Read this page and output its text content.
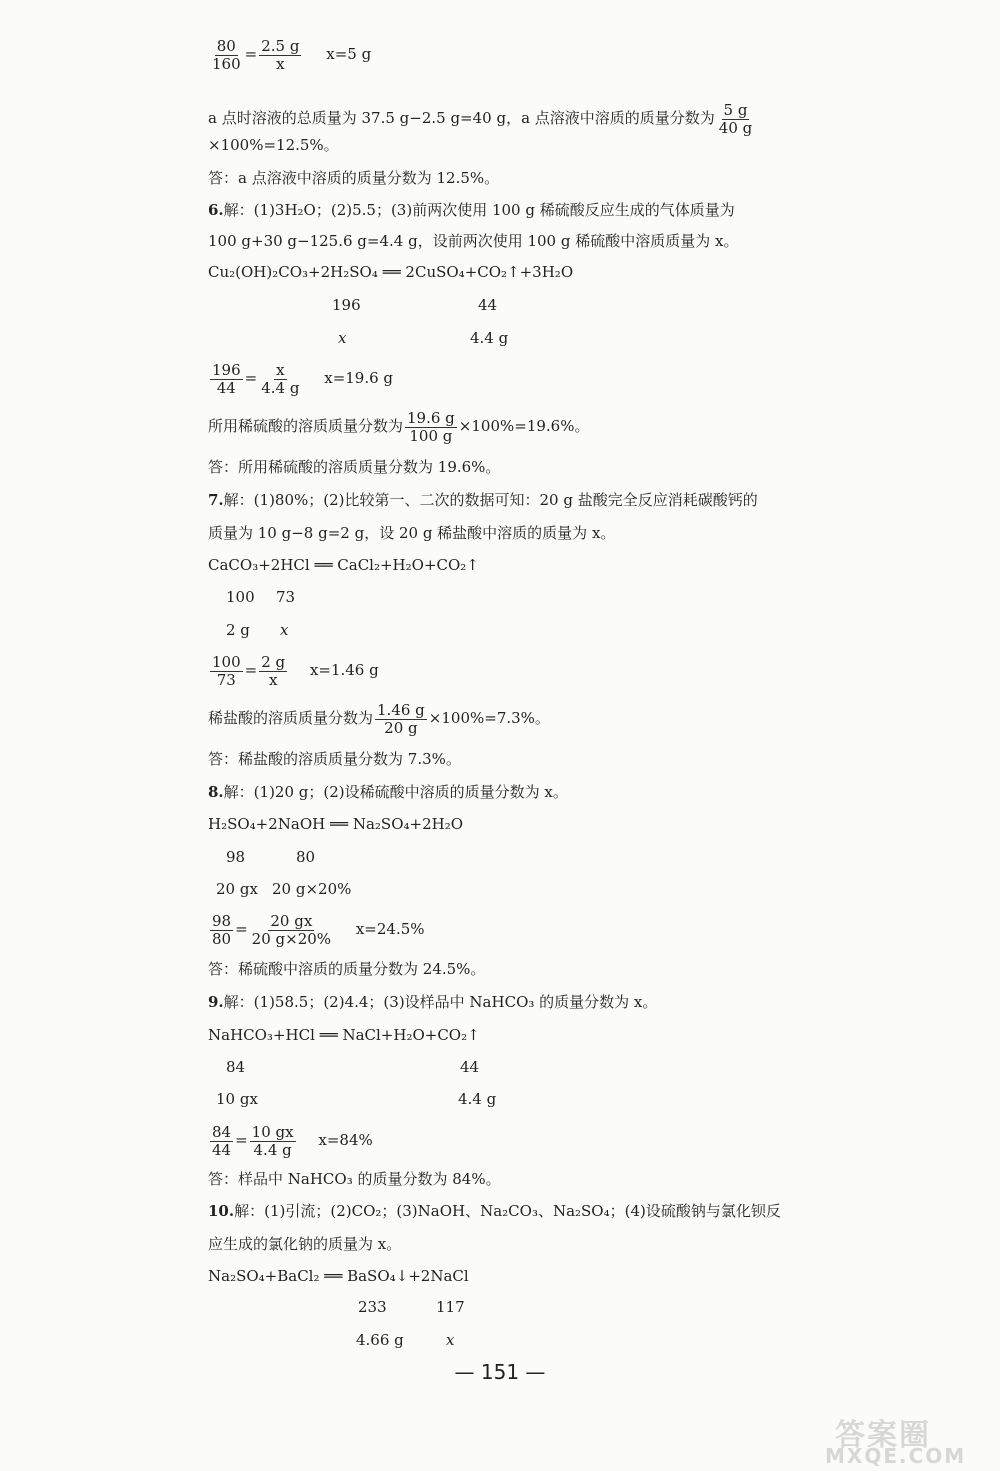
$\frac{80}{160} = \frac{2.5 g}{x} x=5$ g
a 点时溶液的总质量为 37.5 g−2.5 g=40 g，a 点溶液中溶质的质量分数为 $\frac{5 g}{40 g}$
×100%=12.5%。
答：a 点溶液中溶质的质量分数为 12.5%。
6.解：(1)3H₂O；(2)5.5；(3)前两次使用 100 g 稀硫酸反应生成的气体质量为
100 g+30 g−125.6 g=4.4 g，设前两次使用 100 g 稀硫酸中溶质质量为 x。
Cu₂(OH)₂CO₃+2H₂SO₄ ══ 2CuSO₄+CO₂↑+3H₂O
196	44
x	4.4 g
$\frac{196}{44} = \frac{x}{4.4 g} x=19.6$ g
所用稀硫酸的溶质质量分数为 $\frac{19.6 g}{100 g} \times 100\%=19.6\%$。
答：所用稀硫酸的溶质质量分数为 19.6%。
7.解：(1)80%；(2)比较第一、二次的数据可知：20 g 盐酸完全反应消耗碳酸钙的
质量为 10 g−8 g=2 g，设 20 g 稀盐酸中溶质的质量为 x。
CaCO₃+2HCl ══ CaCl₂+H₂O+CO₂↑
100 73
2 g x
$\frac{100}{73} = \frac{2 g}{x} x=1.46$ g
稀盐酸的溶质质量分数为 $\frac{1.46 g}{20 g} \times 100\%=7.3\%$。
答：稀盐酸的溶质质量分数为 7.3%。
8.解：(1)20 g；(2)设稀硫酸中溶质的质量分数为 x。
H₂SO₄+2NaOH ══ Na₂SO₄+2H₂O
98	80
20 gx 20 g×20%
$\frac{98}{80} = \frac{20 gx}{20 g\times 20\%} x=24.5\%$
答：稀硫酸中溶质的质量分数为 24.5%。
9.解：(1)58.5；(2)4.4；(3)设样品中 NaHCO₃ 的质量分数为 x。
NaHCO₃+HCl ══ NaCl+H₂O+CO₂↑
84	44
10 gx	4.4 g
$\frac{84}{44} = \frac{10 gx}{4.4 g} x=84\%$
答：样品中 NaHCO₃ 的质量分数为 84%。
10.解：(1)引流；(2)CO₂；(3)NaOH、Na₂CO₃、Na₂SO₄；(4)设硫酸钠与氯化钡反
应生成的氯化钠的质量为 x。
Na₂SO₄+BaCl₂ ══ BaSO₄↓+2NaCl
233	117
4.66 g	x
— 151 —
答案圈
MXQE.COM
